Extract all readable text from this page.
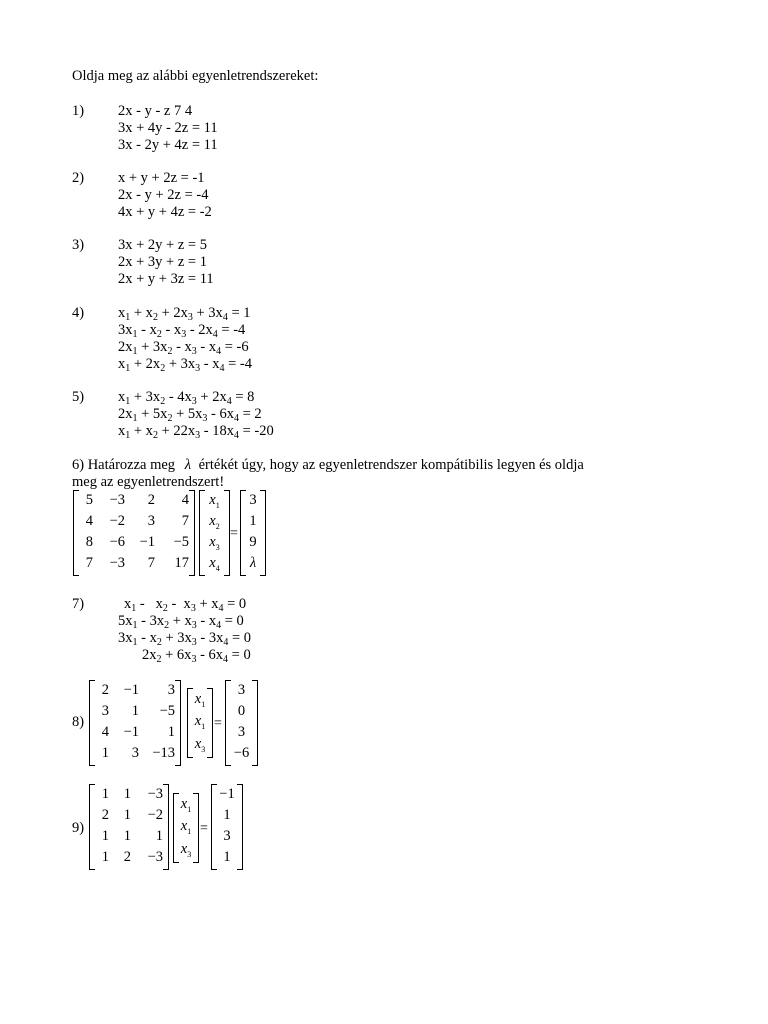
Oldja meg az alábbi egyenletrendszereket:
1) 2x - y - z 7 4
3x + 4y - 2z = 11
3x - 2y + 4z = 11
2) x + y + 2z = -1
2x - y + 2z = -4
4x + y + 4z = -2
3) 3x + 2y + z = 5
2x + 3y + z = 1
2x + y + 3z = 11
4) $x_1 + x_2 + 2x_3 + 3x_4 = 1$
$3x_1 - x_2 - x_3 - 2x_4 = -4$
$2x_1 + 3x_2 - x_3 - x_4 = -6$
$x_1 + 2x_2 + 3x_3 - x_4 = -4$
5) $x_1 + 3x_2 - 4x_3 + 2x_4 = 8$
$2x_1 + 5x_2 + 5x_3 - 6x_4 = 2$
$x_1 + x_2 + 22x_3 - 18x_4 = -20$
6) Határozza meg λ értékét úgy, hogy az egyenletrendszer kompátibilis legyen és oldja
meg az egyenletrendszert!
5	−3	2	4
4	−2	3	7
8	−6	−1	−5
7	−3	7	17
$x_1$
$x_2$
$x_3$
$x_4$
=
3
1
9
λ
7)	$x_1 - x_2 - x_3 + x_4 = 0$
$5x_1 - 3x_2 + x_3 - x_4 = 0$
$3x_1 - x_2 + 3x_3 - 3x_4 = 0$
$2x_2 + 6x_3 - 6x_4 = 0$
8)
2	−1	3
3	1	−5
4	−1	1
1	3	−13
$x_1$
$x_1$
$x_3$
=
3
0
3
−6
9)
1	1	−3
2	1	−2
1	1	1
1	2	−3
$x_1$
$x_1$
$x_3$
=
−1
1
3
1
